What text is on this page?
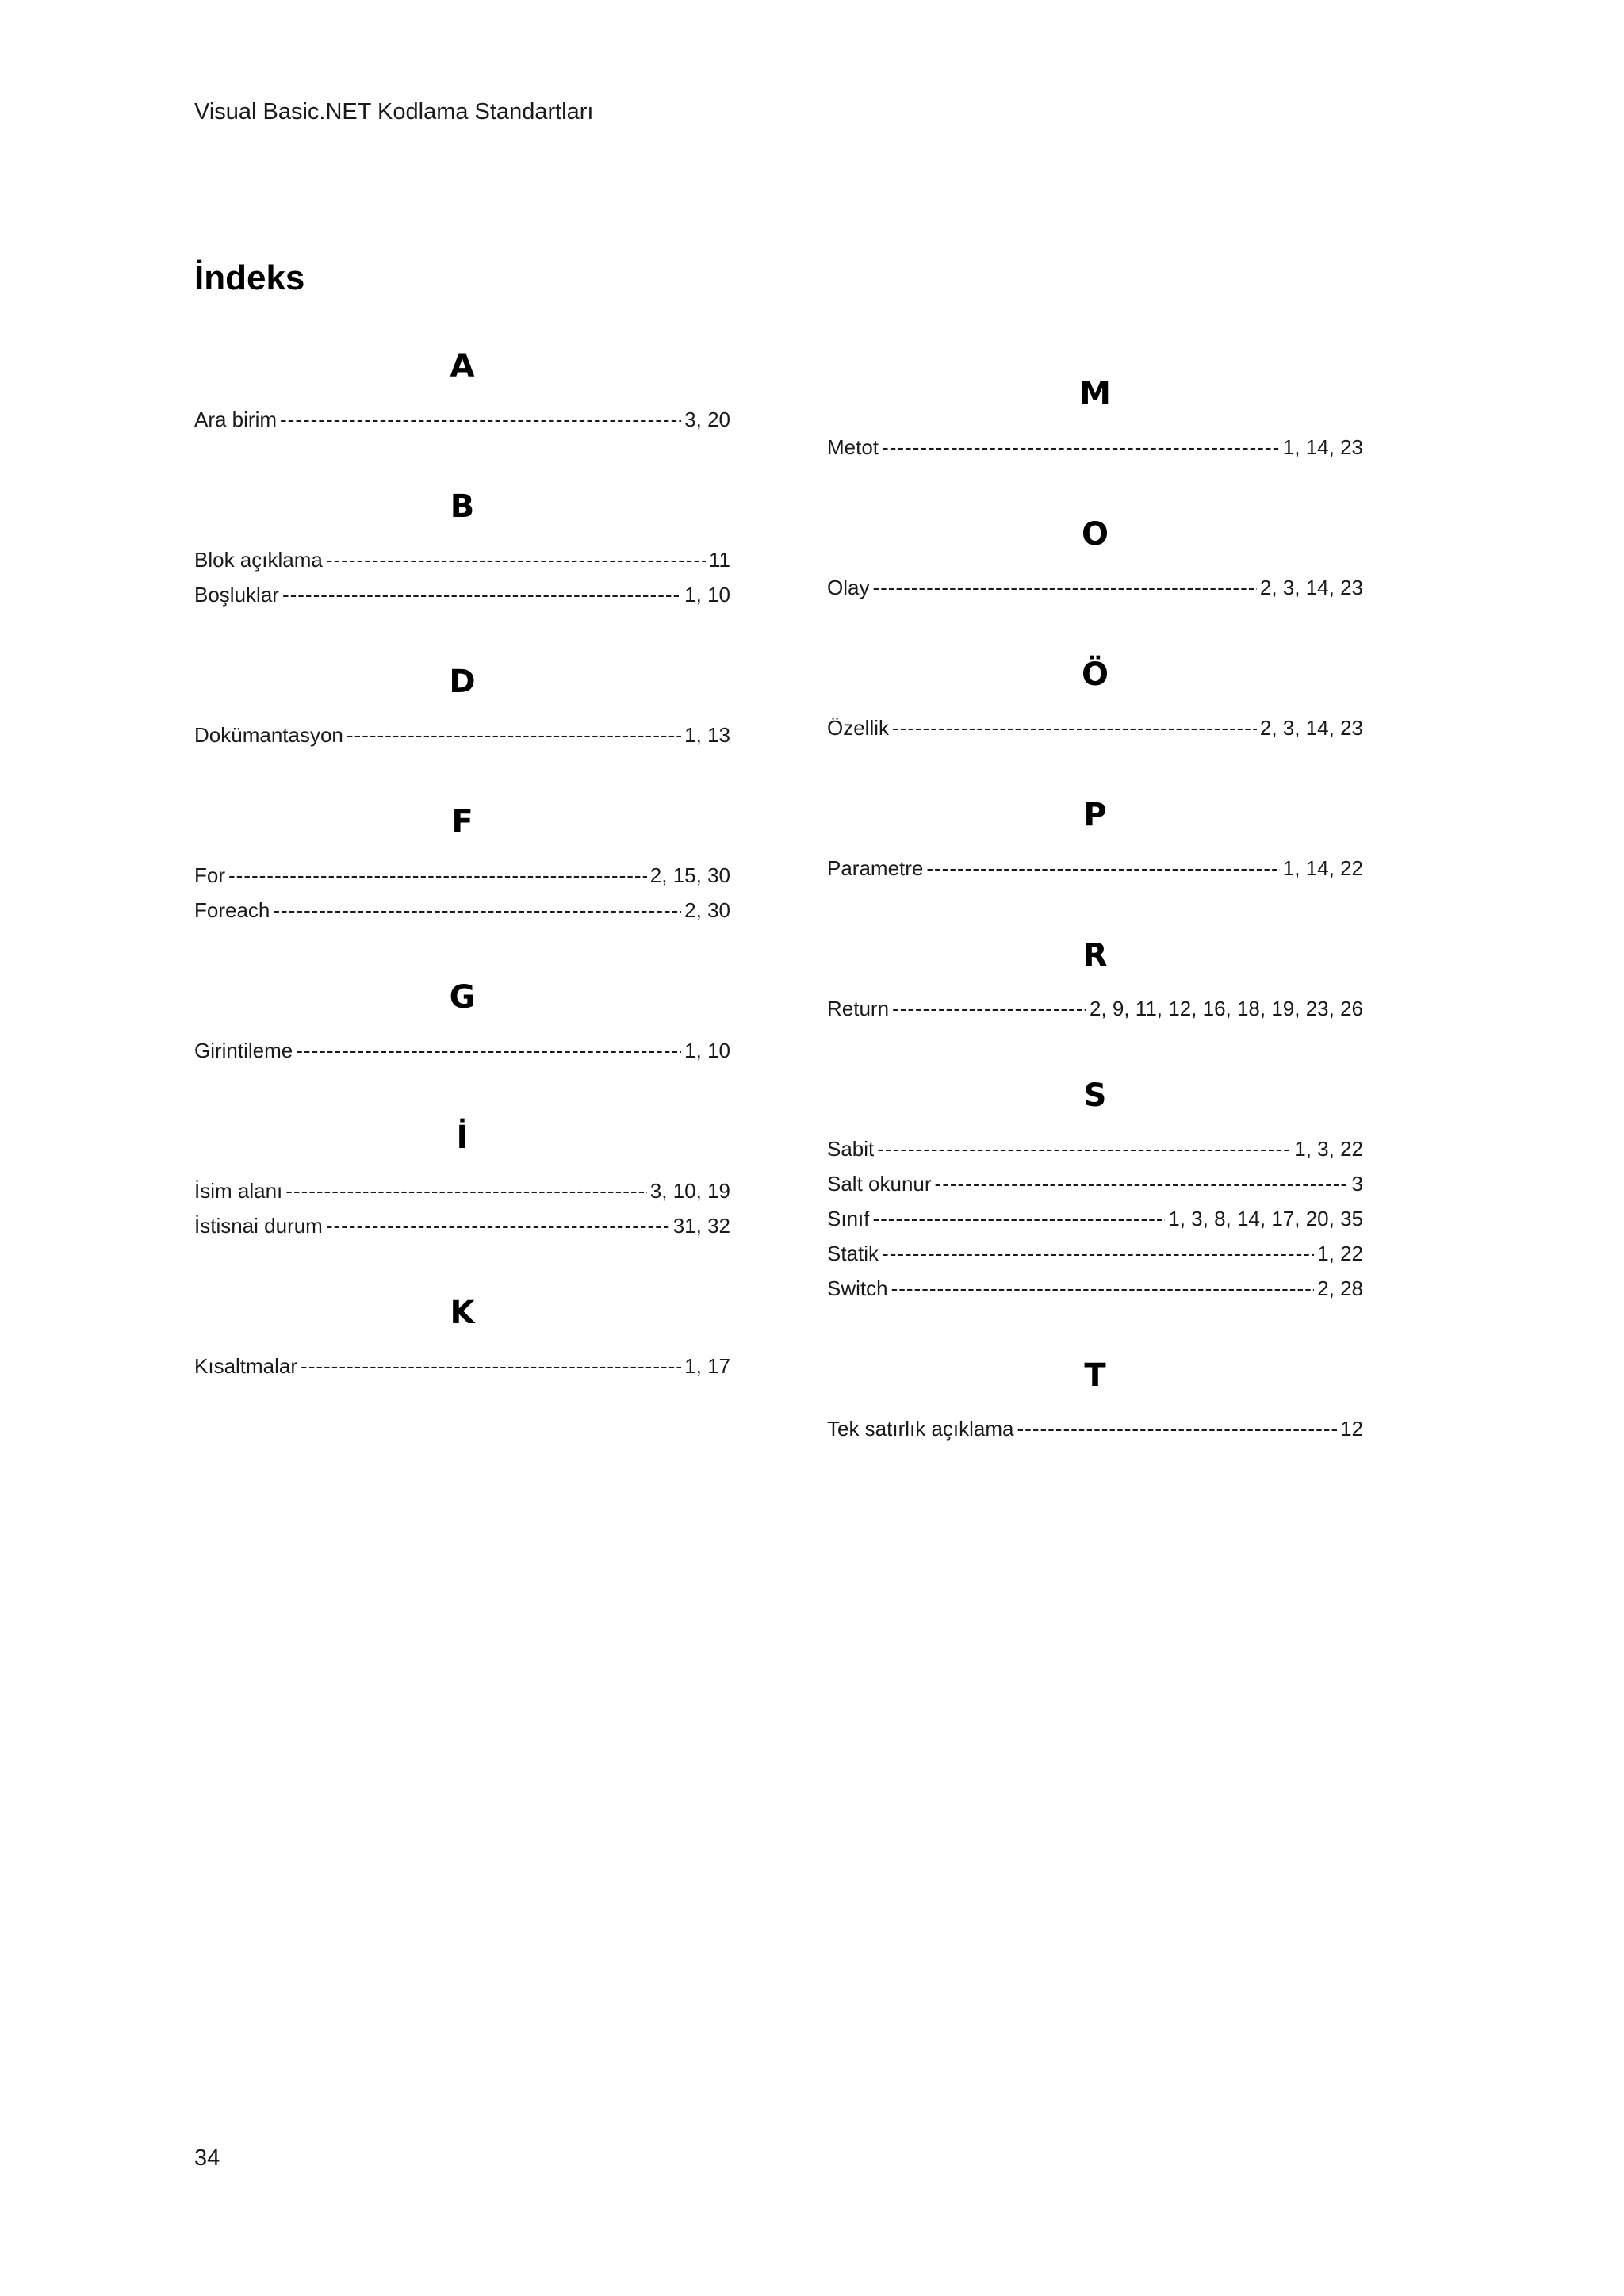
Visual Basic.NET Kodlama Standartları
İndeks
A
Ara birim -----	3, 20
B
Blok açıklama -----	11
Boşluklar -----	1, 10
D
Dokümantasyon -----	1, 13
F
For -----	2, 15, 30
Foreach -----	2, 30
G
Girintileme -----	1, 10
İ
İsim alanı -----	3, 10, 19
İstisnai durum -----	31, 32
K
Kısaltmalar -----	1, 17
M
Metot -----	1, 14, 23
O
Olay -----	2, 3, 14, 23
Ö
Özellik -----	2, 3, 14, 23
P
Parametre -----	1, 14, 22
R
Return -----	2, 9, 11, 12, 16, 18, 19, 23, 26
S
Sabit -----	1, 3, 22
Salt okunur -----	3
Sınıf -----	1, 3, 8, 14, 17, 20, 35
Statik -----	1, 22
Switch -----	2, 28
T
Tek satırlık açıklama -----	12
34
